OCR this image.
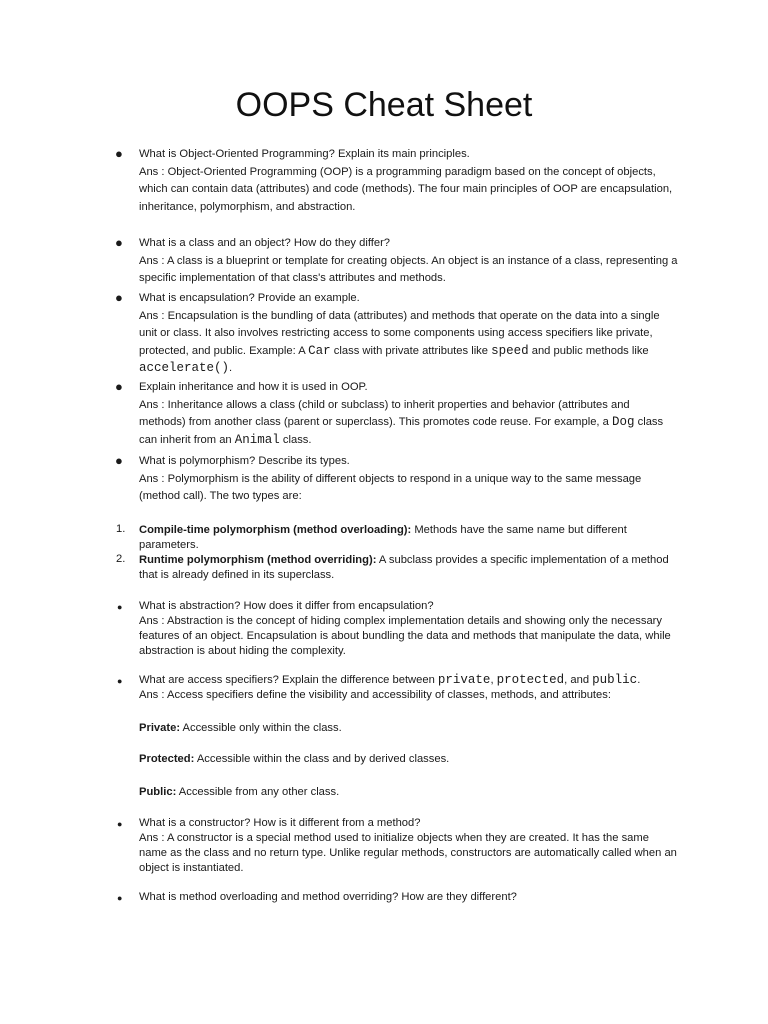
OOPS Cheat Sheet
● What is Object-Oriented Programming? Explain its main principles.

Ans : Object-Oriented Programming (OOP) is a programming paradigm based on the concept of objects, which can contain data (attributes) and code (methods). The four main principles of OOP are encapsulation, inheritance, polymorphism, and abstraction.

● What is a class and an object? How do they differ?

Ans : A class is a blueprint or template for creating objects. An object is an instance of a class, representing a specific implementation of that class's attributes and methods.

● What is encapsulation? Provide an example.

Ans : Encapsulation is the bundling of data (attributes) and methods that operate on the data into a single unit or class. It also involves restricting access to some components using access specifiers like private, protected, and public. Example: A Car class with private attributes like speed and public methods like accelerate().

● Explain inheritance and how it is used in OOP.

Ans : Inheritance allows a class (child or subclass) to inherit properties and behavior (attributes and methods) from another class (parent or superclass). This promotes code reuse. For example, a Dog class can inherit from an Animal class.

● What is polymorphism? Describe its types.

Ans : Polymorphism is the ability of different objects to respond in a unique way to the same message (method call). The two types are:

1. Compile-time polymorphism (method overloading): Methods have the same name but different parameters.
2. Runtime polymorphism (method overriding): A subclass provides a specific implementation of a method that is already defined in its superclass.
● What is abstraction? How does it differ from encapsulation?

Ans : Abstraction is the concept of hiding complex implementation details and showing only the necessary features of an object. Encapsulation is about bundling the data and methods that manipulate the data, while abstraction is about hiding the complexity.

● What are access specifiers? Explain the difference between private, protected, and public.

Ans : Access specifiers define the visibility and accessibility of classes, methods, and attributes:

Private: Accessible only within the class.
Protected: Accessible within the class and by derived classes.
Public: Accessible from any other class.
● What is a constructor? How is it different from a method?

Ans : A constructor is a special method used to initialize objects when they are created. It has the same name as the class and no return type. Unlike regular methods, constructors are automatically called when an object is instantiated.

● What is method overloading and method overriding? How are they different?
